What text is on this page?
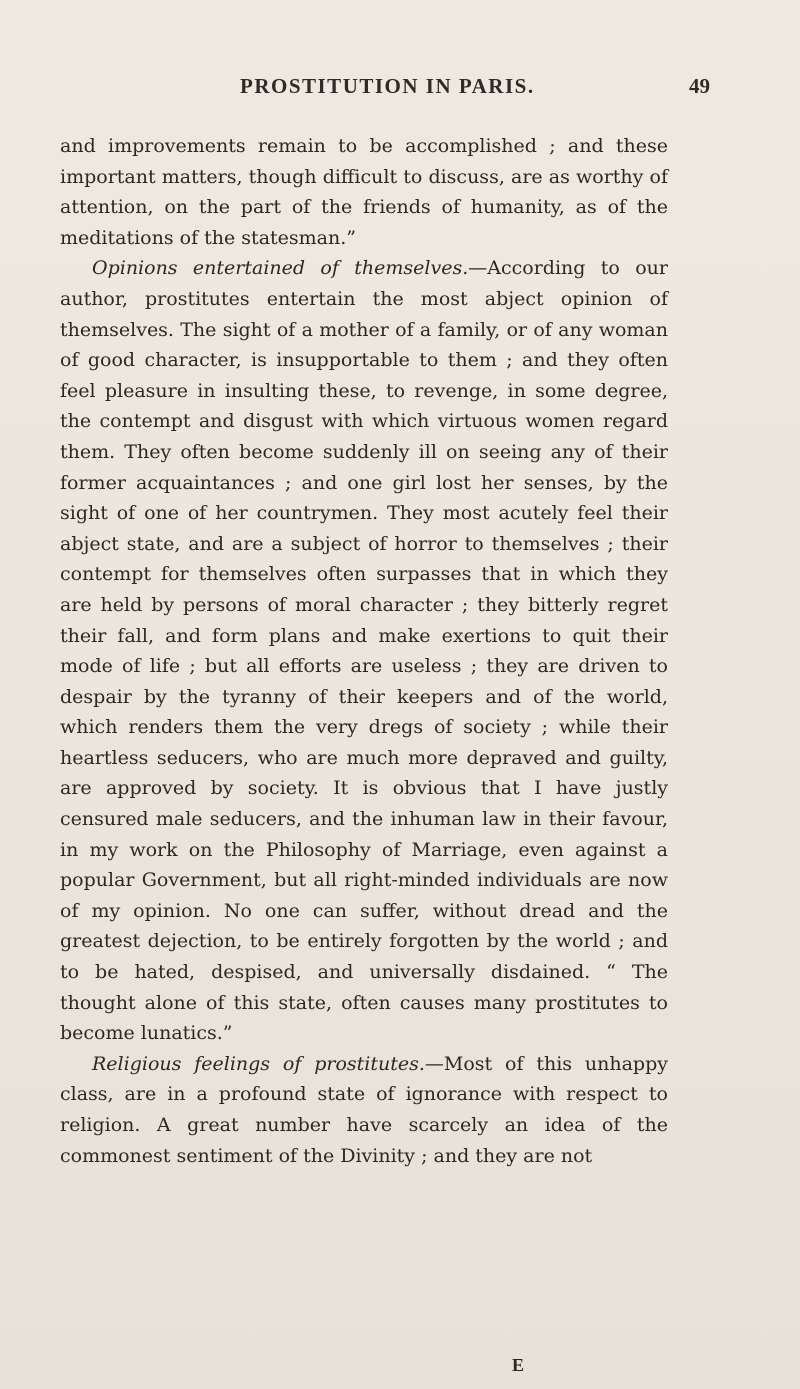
PROSTITUTION IN PARIS.	49

and improvements remain to be accomplished ; and these important matters, though difficult to discuss, are as worthy of attention, on the part of the friends of humanity, as of the meditations of the statesman.”

Opinions entertained of themselves.—According to our author, prostitutes entertain the most abject opinion of themselves. The sight of a mother of a family, or of any woman of good character, is insupportable to them ; and they often feel pleasure in insulting these, to revenge, in some degree, the contempt and disgust with which virtuous women regard them. They often become suddenly ill on seeing any of their former acquaintances ; and one girl lost her senses, by the sight of one of her countrymen. They most acutely feel their abject state, and are a subject of horror to themselves ; their contempt for themselves often surpasses that in which they are held by persons of moral character ; they bitterly regret their fall, and form plans and make exertions to quit their mode of life ; but all efforts are useless ; they are driven to despair by the tyranny of their keepers and of the world, which renders them the very dregs of society ; while their heartless seducers, who are much more depraved and guilty, are approved by society. It is obvious that I have justly censured male seducers, and the inhuman law in their favour, in my work on the Philosophy of Marriage, even against a popular Government, but all right-minded individuals are now of my opinion. No one can suffer, without dread and the greatest dejection, to be entirely forgotten by the world ; and to be hated, despised, and universally disdained. “ The thought alone of this state, often causes many prostitutes to become lunatics.”

Religious feelings of prostitutes.—Most of this unhappy class, are in a profound state of ignorance with respect to religion. A great number have scarcely an idea of the commonest sentiment of the Divinity ; and they are not

E
